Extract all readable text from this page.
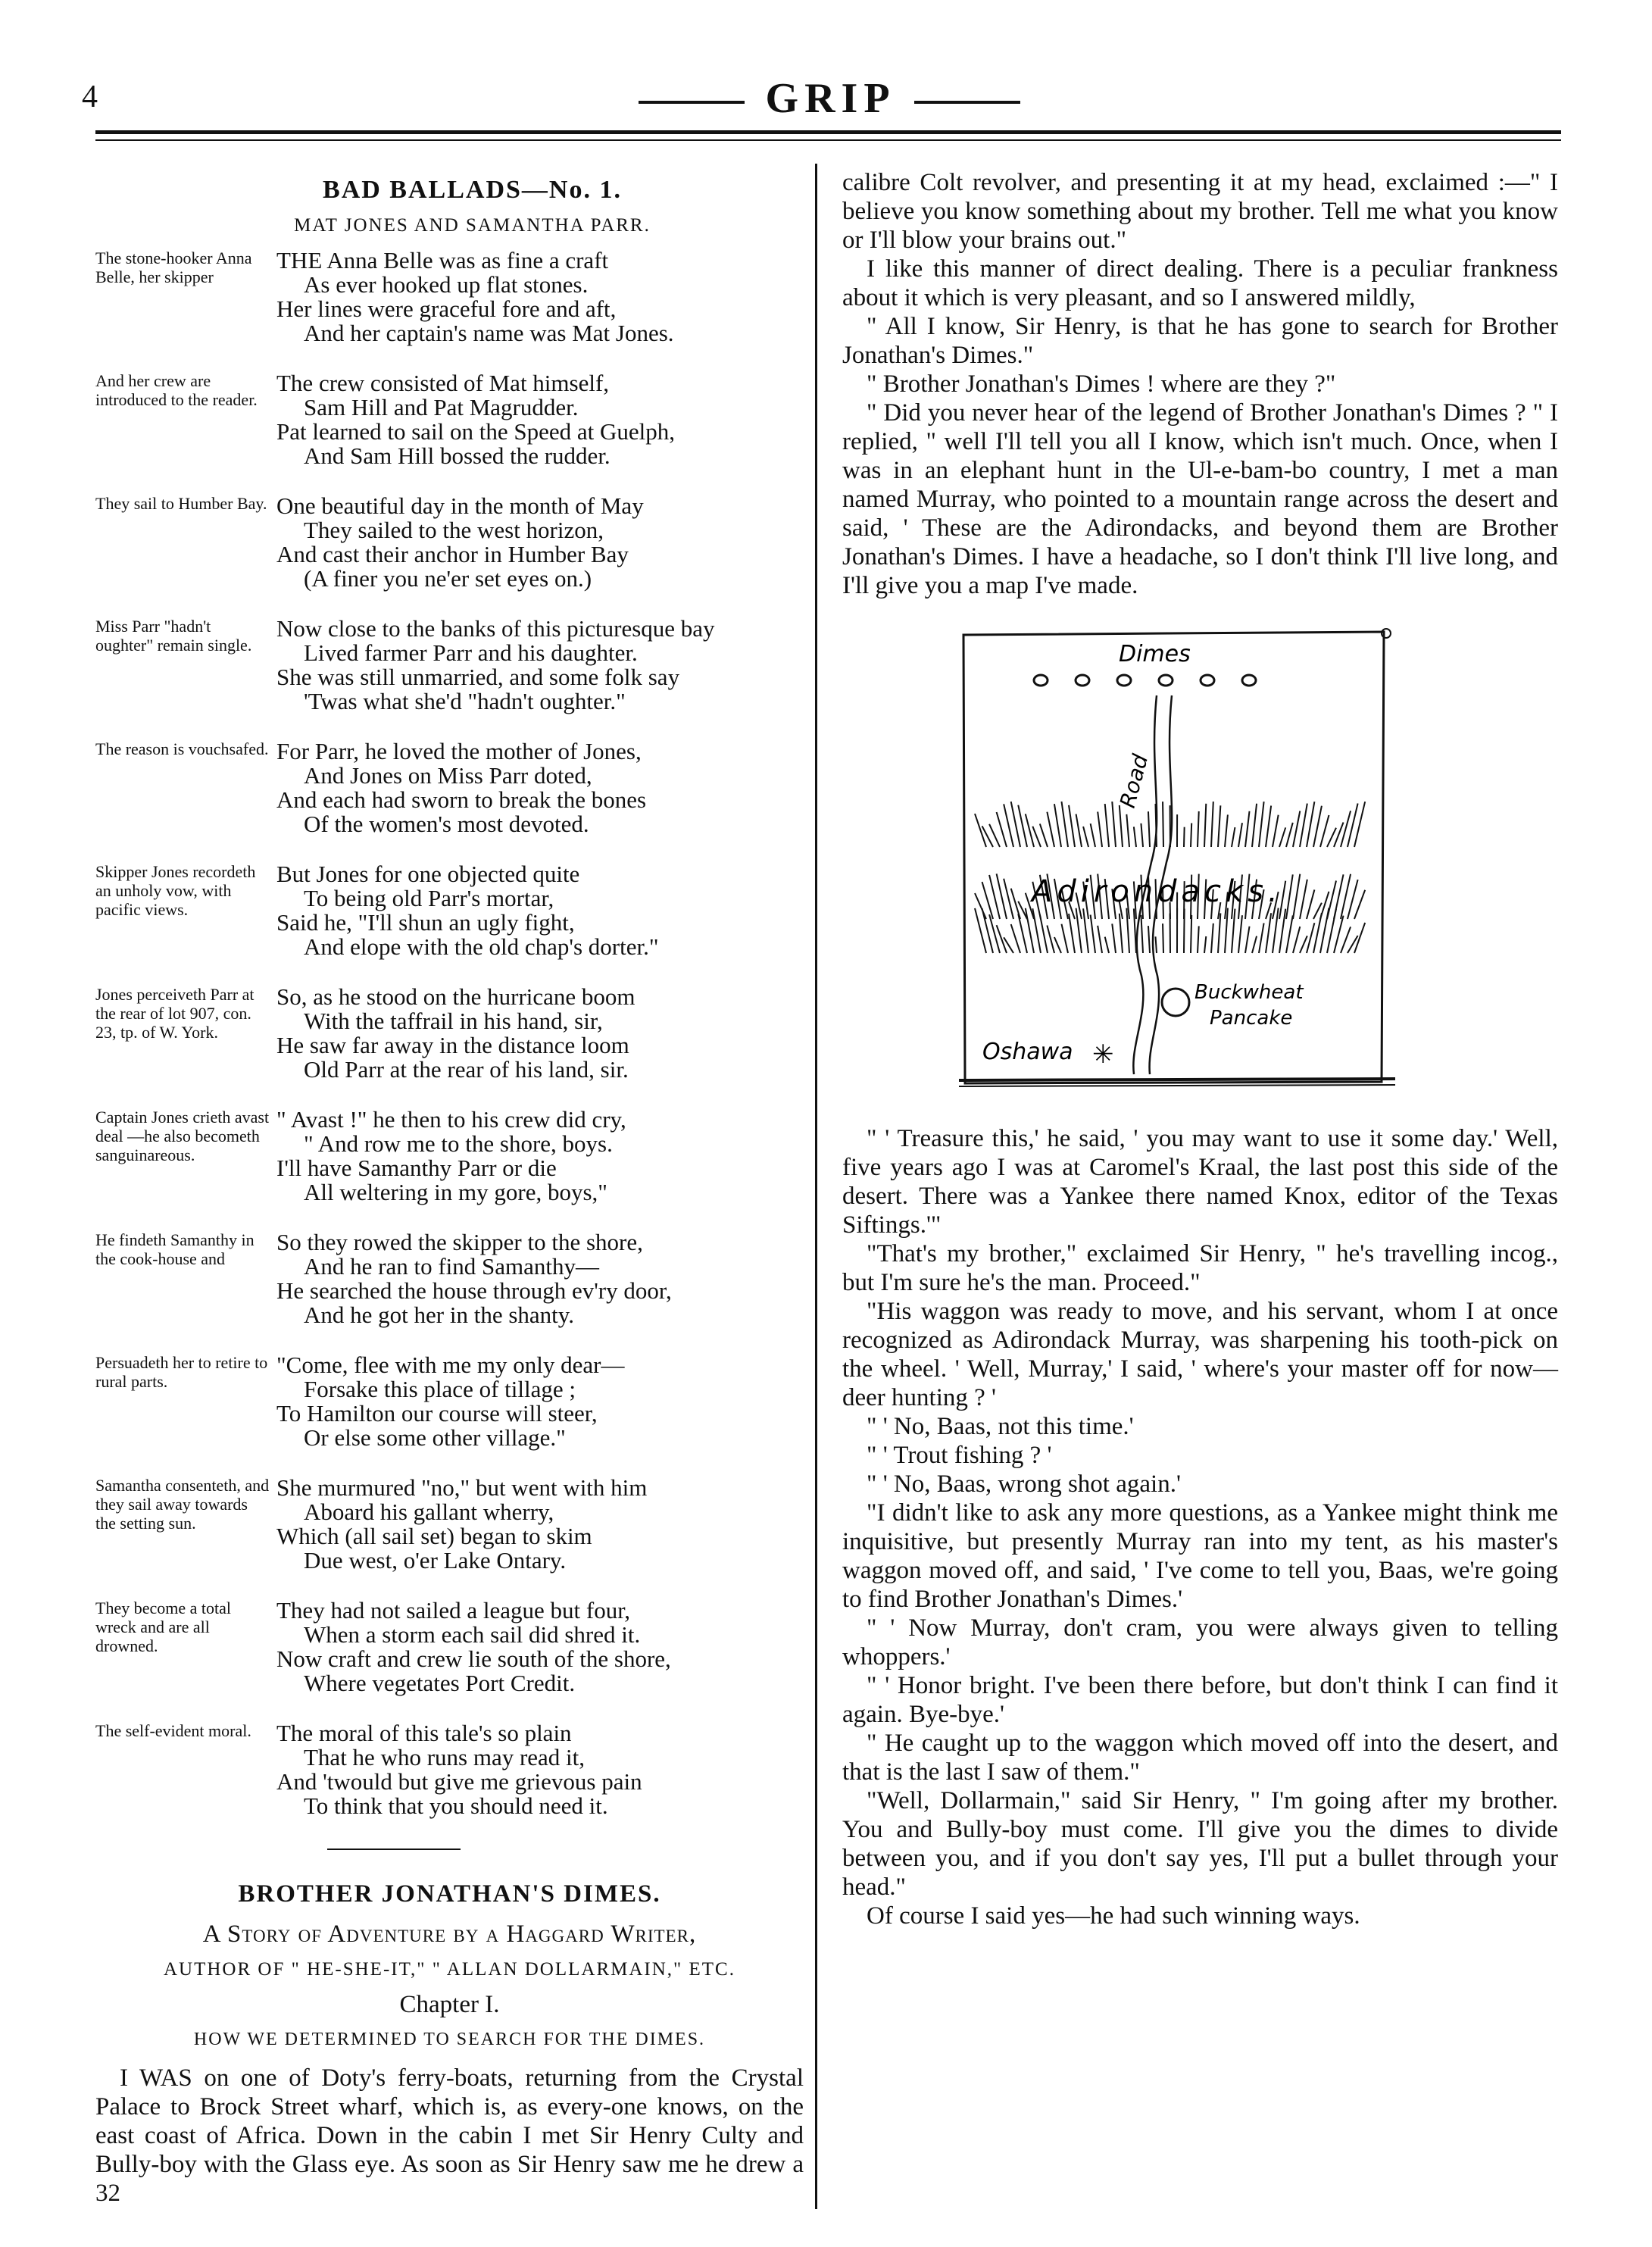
4	GRIP
BAD BALLADS—No. 1.
MAT JONES AND SAMANTHA PARR.
The stone-hooker Anna Belle, her skipper
THE Anna Belle was as fine a craft
As ever hooked up flat stones.
Her lines were graceful fore and aft,
And her captain's name was Mat Jones.
And her crew are introduced to the reader.
The crew consisted of Mat himself,
Sam Hill and Pat Magrudder.
Pat learned to sail on the Speed at Guelph,
And Sam Hill bossed the rudder.
They sail to Humber Bay. One beautiful day in the month of May
They sailed to the west horizon,
And cast their anchor in Humber Bay
(A finer you ne'er set eyes on.)
Miss Parr "hadn't oughter" remain single.
Now close to the banks of this picturesque bay
Lived farmer Parr and his daughter.
She was still unmarried, and some folk say
'Twas what she'd "hadn't oughter."
The reason is vouchsafed. For Parr, he loved the mother of Jones,
And Jones on Miss Parr doted,
And each had sworn to break the bones
Of the women's most devoted.
Skipper Jones recordeth an unholy vow, with pacific views.
But Jones for one objected quite
To being old Parr's mortar,
Said he, "I'll shun an ugly fight,
And elope with the old chap's dorter."
Jones perceiveth Parr at the rear of lot 907, con. 23, tp. of W. York.
So, as he stood on the hurricane boom
With the taffrail in his hand, sir,
He saw far away in the distance loom
Old Parr at the rear of his land, sir.
Captain Jones crieth avast deal —he also becometh sanguinareous.
" Avast !" he then to his crew did cry,
" And row me to the shore, boys.
I'll have Samanthy Parr or die
All weltering in my gore, boys,"
He findeth Samanthy in the cook-house and
So they rowed the skipper to the shore,
And he ran to find Samanthy—
He searched the house through ev'ry door,
And he got her in the shanty.
Persuadeth her to retire to rural parts.
"Come, flee with me my only dear—
Forsake this place of tillage ;
To Hamilton our course will steer,
Or else some other village."
Samantha consenteth, and they sail away towards the setting sun.
She murmured "no," but went with him
Aboard his gallant wherry,
Which (all sail set) began to skim
Due west, o'er Lake Ontary.
They become a total wreck and are all drowned.
They had not sailed a league but four,
When a storm each sail did shred it.
Now craft and crew lie south of the shore,
Where vegetates Port Credit.
The self-evident moral.	The moral of this tale's so plain
That he who runs may read it,
And 'twould but give me grievous pain
To think that you should need it.
BROTHER JONATHAN'S DIMES.
A Story of Adventure by a Haggard Writer,
AUTHOR OF " HE-SHE-IT," " ALLAN DOLLARMAIN," ETC.
Chapter I.
HOW WE DETERMINED TO SEARCH FOR THE DIMES.

I WAS on one of Doty's ferry-boats, returning from the Crystal Palace to Brock Street wharf, which is, as every-one knows, on the east coast of Africa. Down in the cabin I met Sir Henry Culty and Bully-boy with the Glass eye. As soon as Sir Henry saw me he drew a 32

calibre Colt revolver, and presenting it at my head, exclaimed :—" I believe you know something about my brother. Tell me what you know or I'll blow your brains out."

I like this manner of direct dealing. There is a peculiar frankness about it which is very pleasant, and so I answered mildly,

" All I know, Sir Henry, is that he has gone to search for Brother Jonathan's Dimes."

" Brother Jonathan's Dimes ! where are they ?"

" Did you never hear of the legend of Brother Jonathan's Dimes ? " I replied, " well I'll tell you all I know, which isn't much. Once, when I was in an elephant hunt in the Ul-e-bam-bo country, I met a man named Murray, who pointed to a mountain range across the desert and said, ' These are the Adirondacks, and beyond them are Brother Jonathan's Dimes. I have a headache, so I don't think I'll live long, and I'll give you a map I've made.

Dimes
Road
Adirondacks.
Buckwheat
Pancake
Oshawa ✳

" ' Treasure this,' he said, ' you may want to use it some day.' Well, five years ago I was at Caromel's Kraal, the last post this side of the desert. There was a Yankee there named Knox, editor of the Texas Siftings.'"

"That's my brother," exclaimed Sir Henry, " he's travelling incog., but I'm sure he's the man. Proceed."

"His waggon was ready to move, and his servant, whom I at once recognized as Adirondack Murray, was sharpening his tooth-pick on the wheel. ' Well, Murray,' I said, ' where's your master off for now—deer hunting ? '

" ' No, Baas, not this time.'

" ' Trout fishing ? '

" ' No, Baas, wrong shot again.'

"I didn't like to ask any more questions, as a Yankee might think me inquisitive, but presently Murray ran into my tent, as his master's waggon moved off, and said, ' I've come to tell you, Baas, we're going to find Brother Jonathan's Dimes.'

" ' Now Murray, don't cram, you were always given to telling whoppers.'

" ' Honor bright. I've been there before, but don't think I can find it again. Bye-bye.'

" He caught up to the waggon which moved off into the desert, and that is the last I saw of them."

"Well, Dollarmain," said Sir Henry, " I'm going after my brother. You and Bully-boy must come. I'll give you the dimes to divide between you, and if you don't say yes, I'll put a bullet through your head."

Of course I said yes—he had such winning ways.
